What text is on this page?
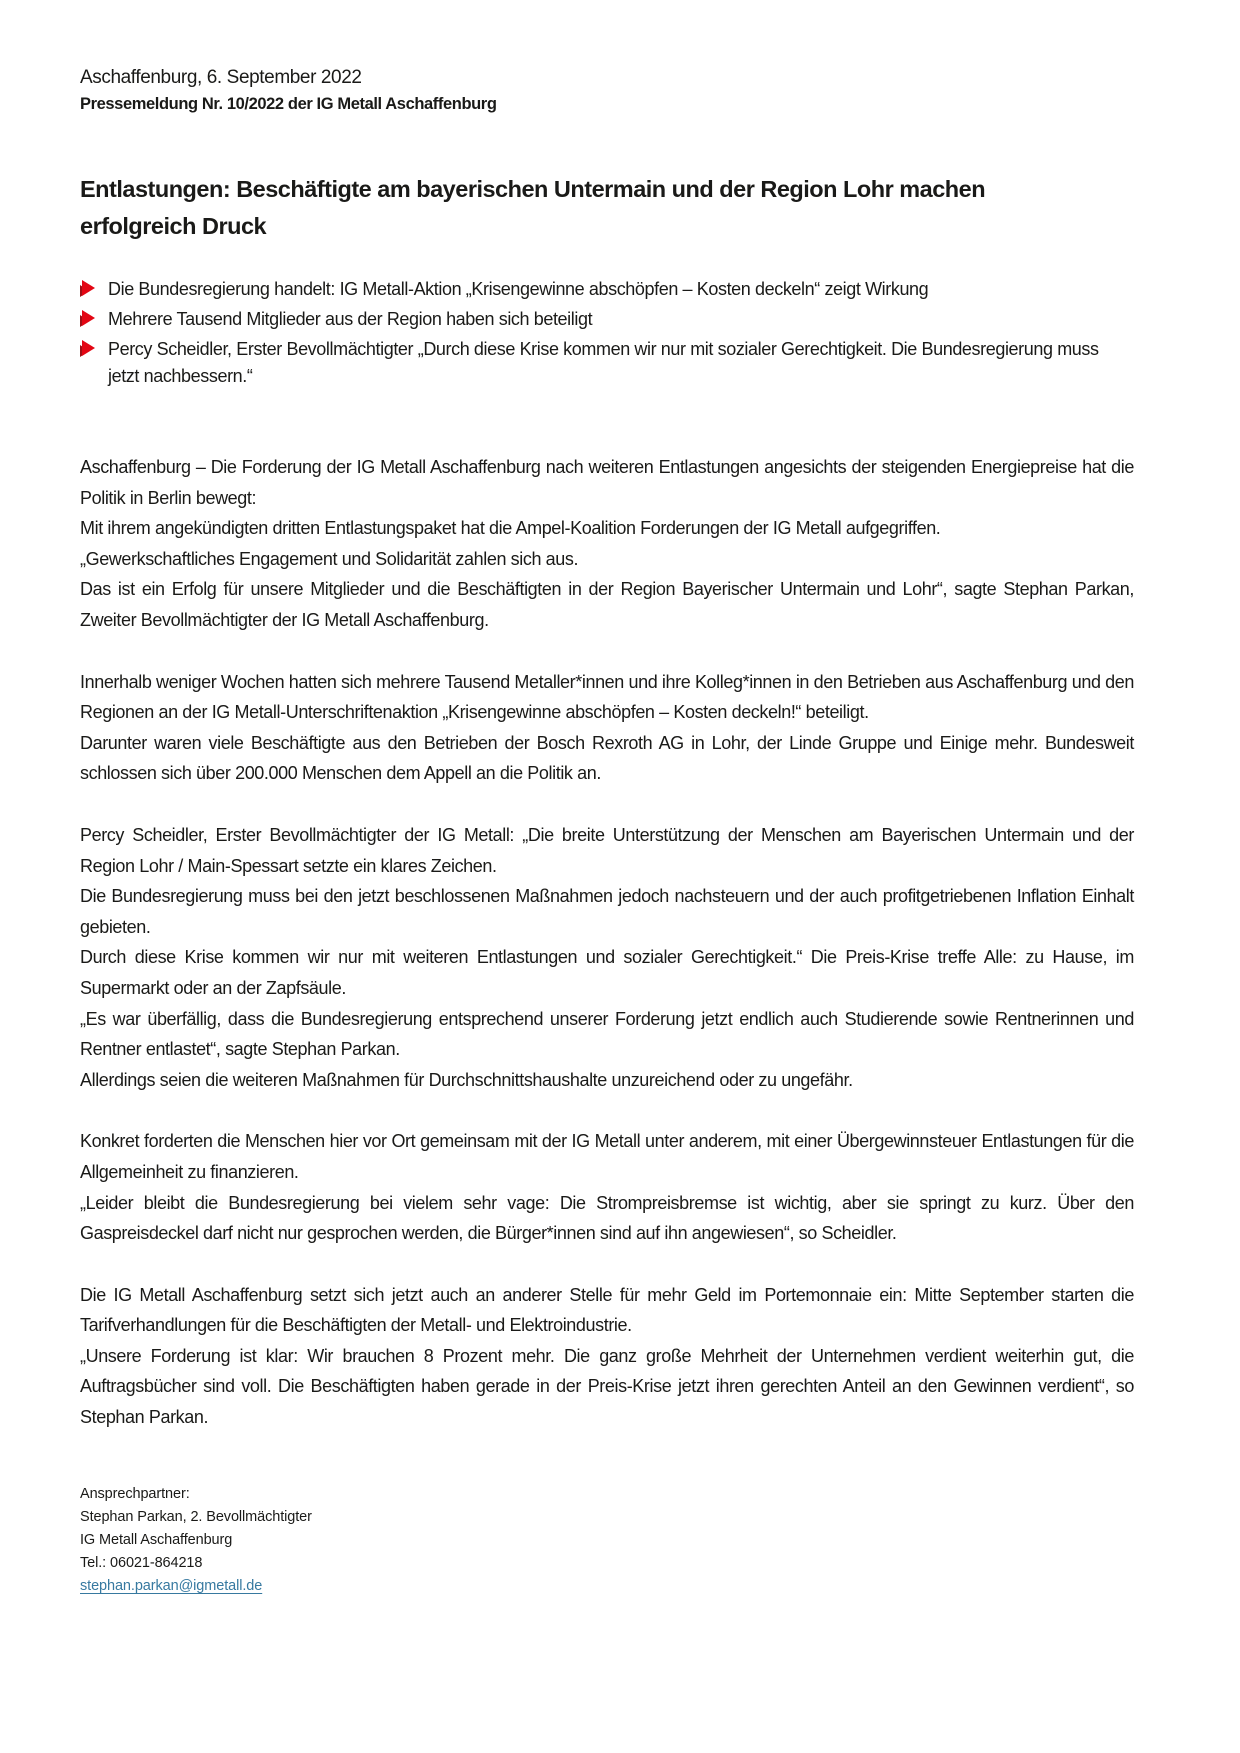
Aschaffenburg, 6. September 2022
Pressemeldung Nr. 10/2022 der IG Metall Aschaffenburg
Entlastungen: Beschäftigte am bayerischen Untermain und der Region Lohr machen erfolgreich Druck
Die Bundesregierung handelt: IG Metall-Aktion „Krisengewinne abschöpfen – Kosten deckeln“ zeigt Wirkung
Mehrere Tausend Mitglieder aus der Region haben sich beteiligt
Percy Scheidler, Erster Bevollmächtigter „Durch diese Krise kommen wir nur mit sozialer Gerechtigkeit. Die Bundesregierung muss jetzt nachbessern.“

Aschaffenburg – Die Forderung der IG Metall Aschaffenburg nach weiteren Entlastungen angesichts der steigenden Energiepreise hat die Politik in Berlin bewegt:

Mit ihrem angekündigten dritten Entlastungspaket hat die Ampel-Koalition Forderungen der IG Metall aufgegriffen.

„Gewerkschaftliches Engagement und Solidarität zahlen sich aus.

Das ist ein Erfolg für unsere Mitglieder und die Beschäftigten in der Region Bayerischer Untermain und Lohr“, sagte Stephan Parkan, Zweiter Bevollmächtigter der IG Metall Aschaffenburg.

Innerhalb weniger Wochen hatten sich mehrere Tausend Metaller*innen und ihre Kolleg*innen in den Betrieben aus Aschaffenburg und den Regionen an der IG Metall-Unterschriftenaktion „Krisengewinne abschöpfen – Kosten deckeln!“ beteiligt.

Darunter waren viele Beschäftigte aus den Betrieben der Bosch Rexroth AG in Lohr, der Linde Gruppe und Einige mehr. Bundesweit schlossen sich über 200.000 Menschen dem Appell an die Politik an.

Percy Scheidler, Erster Bevollmächtigter der IG Metall: „Die breite Unterstützung der Menschen am Bayerischen Untermain und der Region Lohr / Main-Spessart setzte ein klares Zeichen.

Die Bundesregierung muss bei den jetzt beschlossenen Maßnahmen jedoch nachsteuern und der auch profitgetriebenen Inflation Einhalt gebieten.

Durch diese Krise kommen wir nur mit weiteren Entlastungen und sozialer Gerechtigkeit.“ Die Preis-Krise treffe Alle: zu Hause, im Supermarkt oder an der Zapfsäule.

„Es war überfällig, dass die Bundesregierung entsprechend unserer Forderung jetzt endlich auch Studierende sowie Rentnerinnen und Rentner entlastet“, sagte Stephan Parkan.

Allerdings seien die weiteren Maßnahmen für Durchschnittshaushalte unzureichend oder zu ungefähr.

Konkret forderten die Menschen hier vor Ort gemeinsam mit der IG Metall unter anderem, mit einer Übergewinnsteuer Entlastungen für die Allgemeinheit zu finanzieren.

„Leider bleibt die Bundesregierung bei vielem sehr vage: Die Strompreisbremse ist wichtig, aber sie springt zu kurz. Über den Gaspreisdeckel darf nicht nur gesprochen werden, die Bürger*innen sind auf ihn angewiesen“, so Scheidler.

Die IG Metall Aschaffenburg setzt sich jetzt auch an anderer Stelle für mehr Geld im Portemonnaie ein: Mitte September starten die Tarifverhandlungen für die Beschäftigten der Metall- und Elektroindustrie.

„Unsere Forderung ist klar: Wir brauchen 8 Prozent mehr. Die ganz große Mehrheit der Unternehmen verdient weiterhin gut, die Auftragsbücher sind voll. Die Beschäftigten haben gerade in der Preis-Krise jetzt ihren gerechten Anteil an den Gewinnen verdient“, so Stephan Parkan.

Ansprechpartner:

Stephan Parkan, 2. Bevollmächtigter

IG Metall Aschaffenburg

Tel.: 06021-864218

stephan.parkan@igmetall.de
